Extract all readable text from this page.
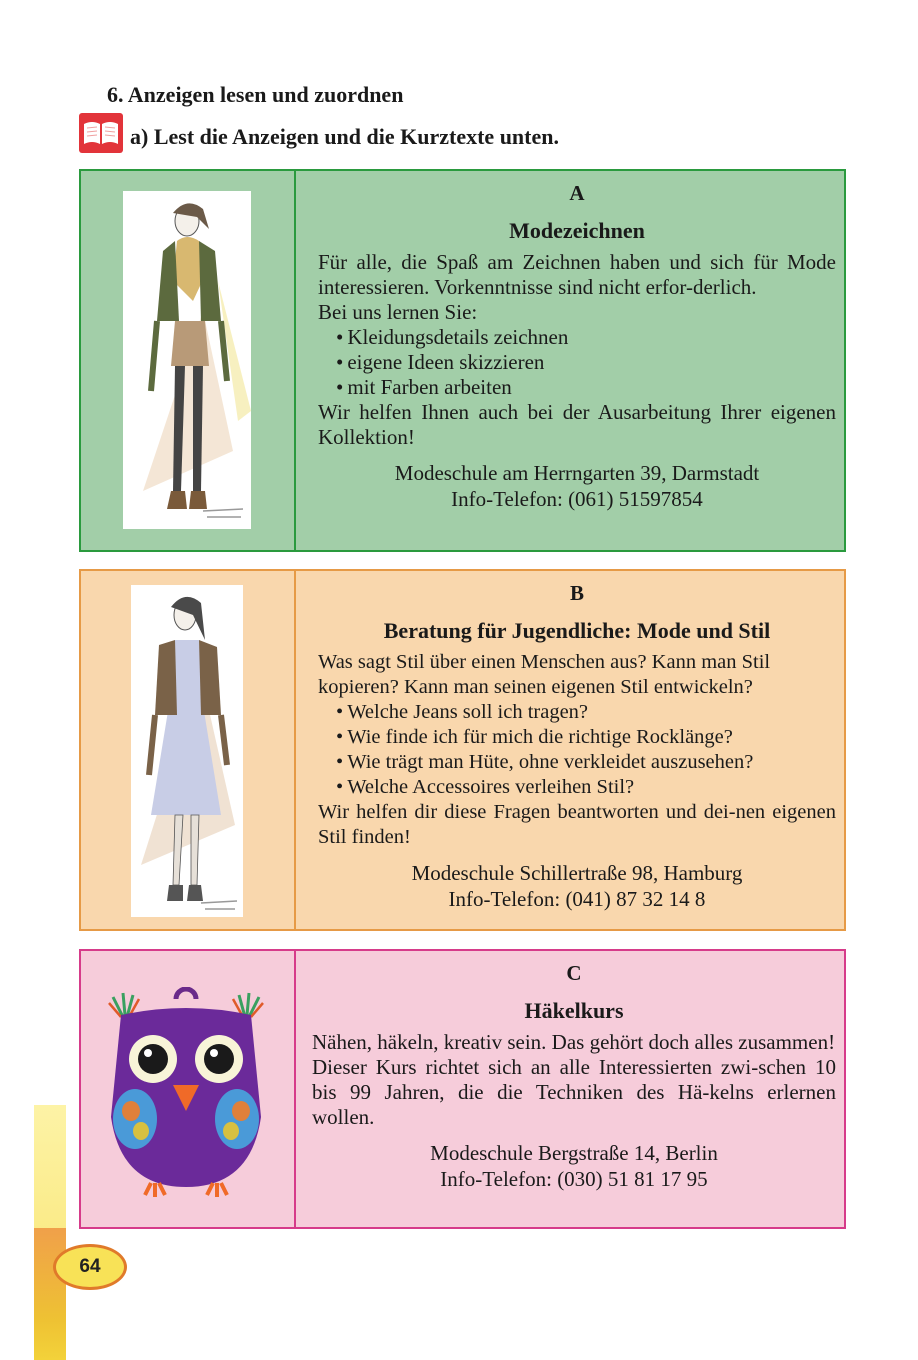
64
6. Anzeigen lesen und zuordnen
a) Lest die Anzeigen und die Kurztexte unten.
A
Modezeichnen

Für alle, die Spaß am Zeichnen haben und sich für Mode interessieren. Vorkenntnisse sind nicht erfor-derlich.

Bei uns lernen Sie:

• Kleidungsdetails zeichnen
• eigene Ideen skizzieren
• mit Farben arbeiten

Wir helfen Ihnen auch bei der Ausarbeitung Ihrer eigenen Kollektion!

Modeschule am Herrngarten 39, Darmstadt
Info-Telefon: (061) 51597854
B
Beratung für Jugendliche: Mode und Stil

Was sagt Stil über einen Menschen aus? Kann man Stil kopieren? Kann man seinen eigenen Stil entwickeln?

• Welche Jeans soll ich tragen?
• Wie finde ich für mich die richtige Rocklänge?
• Wie trägt man Hüte, ohne verkleidet auszusehen?
• Welche Accessoires verleihen Stil?

Wir helfen dir diese Fragen beantworten und dei-nen eigenen Stil finden!

Modeschule Schillertraße 98, Hamburg
Info-Telefon: (041) 87 32 14 8
C
Häkelkurs

Nähen, häkeln, kreativ sein. Das gehört doch alles zusammen!

Dieser Kurs richtet sich an alle Interessierten zwi-schen 10 bis 99 Jahren, die die Techniken des Hä-kelns erlernen wollen.

Modeschule Bergstraße 14, Berlin
Info-Telefon: (030) 51 81 17 95
